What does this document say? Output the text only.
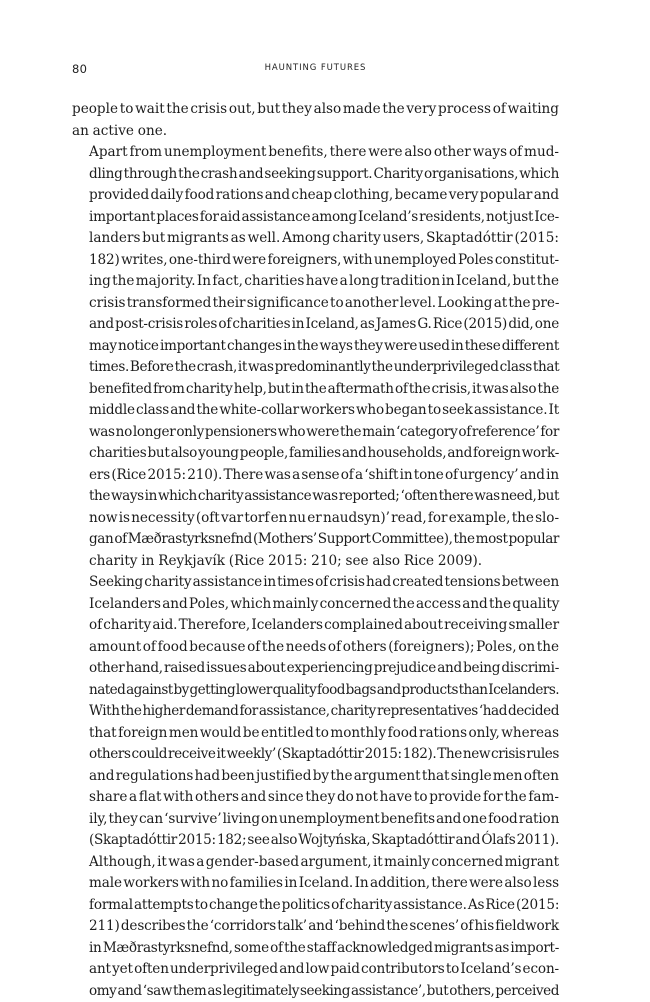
80	HAUNTING FUTURES

people to wait the crisis out, but they also made the very process of waiting
an active one.

Apart from unemployment benefits, there were also other ways of mud-
dling through the crash and seeking support. Charity organisations, which
provided daily food rations and cheap clothing, became very popular and
important places for aid assistance among Iceland’s residents, not just Ice-
landers but migrants as well. Among charity users, Skaptadóttir (2015:
182) writes, one-third were foreigners, with unemployed Poles constitut-
ing the majority. In fact, charities have a long tradition in Iceland, but the
crisis transformed their significance to another level. Looking at the pre-
and post-crisis roles of charities in Iceland, as James G. Rice (2015) did, one
may notice important changes in the ways they were used in these different
times. Before the crash, it was predominantly the underprivileged class that
benefited from charity help, but in the aftermath of the crisis, it was also the
middle class and the white-collar workers who began to seek assistance. It
was no longer only pensioners who were the main ‘category of reference’ for
charities but also young people, families and households, and foreign work-
ers (Rice 2015: 210). There was a sense of a ‘shift in tone of urgency’ and in
the ways in which charity assistance was reported; ‘often there was need, but
now is necessity (oft var torf en nu er naudsyn)’ read, for example, the slo-
gan of Mæðrastyrksnefnd (Mothers’ Support Committee), the most popular
charity in Reykjavík (Rice 2015: 210; see also Rice 2009).

Seeking charity assistance in times of crisis had created tensions between
Icelanders and Poles, which mainly concerned the access and the quality
of charity aid. Therefore, Icelanders complained about receiving smaller
amount of food because of the needs of others (foreigners); Poles, on the
other hand, raised issues about experiencing prejudice and being discrimi-
nated against by getting lower quality food bags and products than Icelanders.
With the higher demand for assistance, charity representatives ‘had decided
that foreign men would be entitled to monthly food rations only, whereas
others could receive it weekly’ (Skaptadóttir 2015: 182). The new crisis rules
and regulations had been justified by the argument that single men often
share a flat with others and since they do not have to provide for the fam-
ily, they can ‘survive’ living on unemployment benefits and one food ration
(Skaptadóttir 2015: 182; see also Wojtyńska, Skaptadóttir and Ólafs 2011).
Although, it was a gender-based argument, it mainly concerned migrant
male workers with no families in Iceland. In addition, there were also less
formal attempts to change the politics of charity assistance. As Rice (2015:
211) describes the ‘corridors talk’ and ‘behind the scenes’ of his fieldwork
in Mæðrastyrksnefnd, some of the staff acknowledged migrants as import-
ant yet often underprivileged and low paid contributors to Iceland’s econ-
omy and ‘saw them as legitimately seeking assistance’, but others, perceived
